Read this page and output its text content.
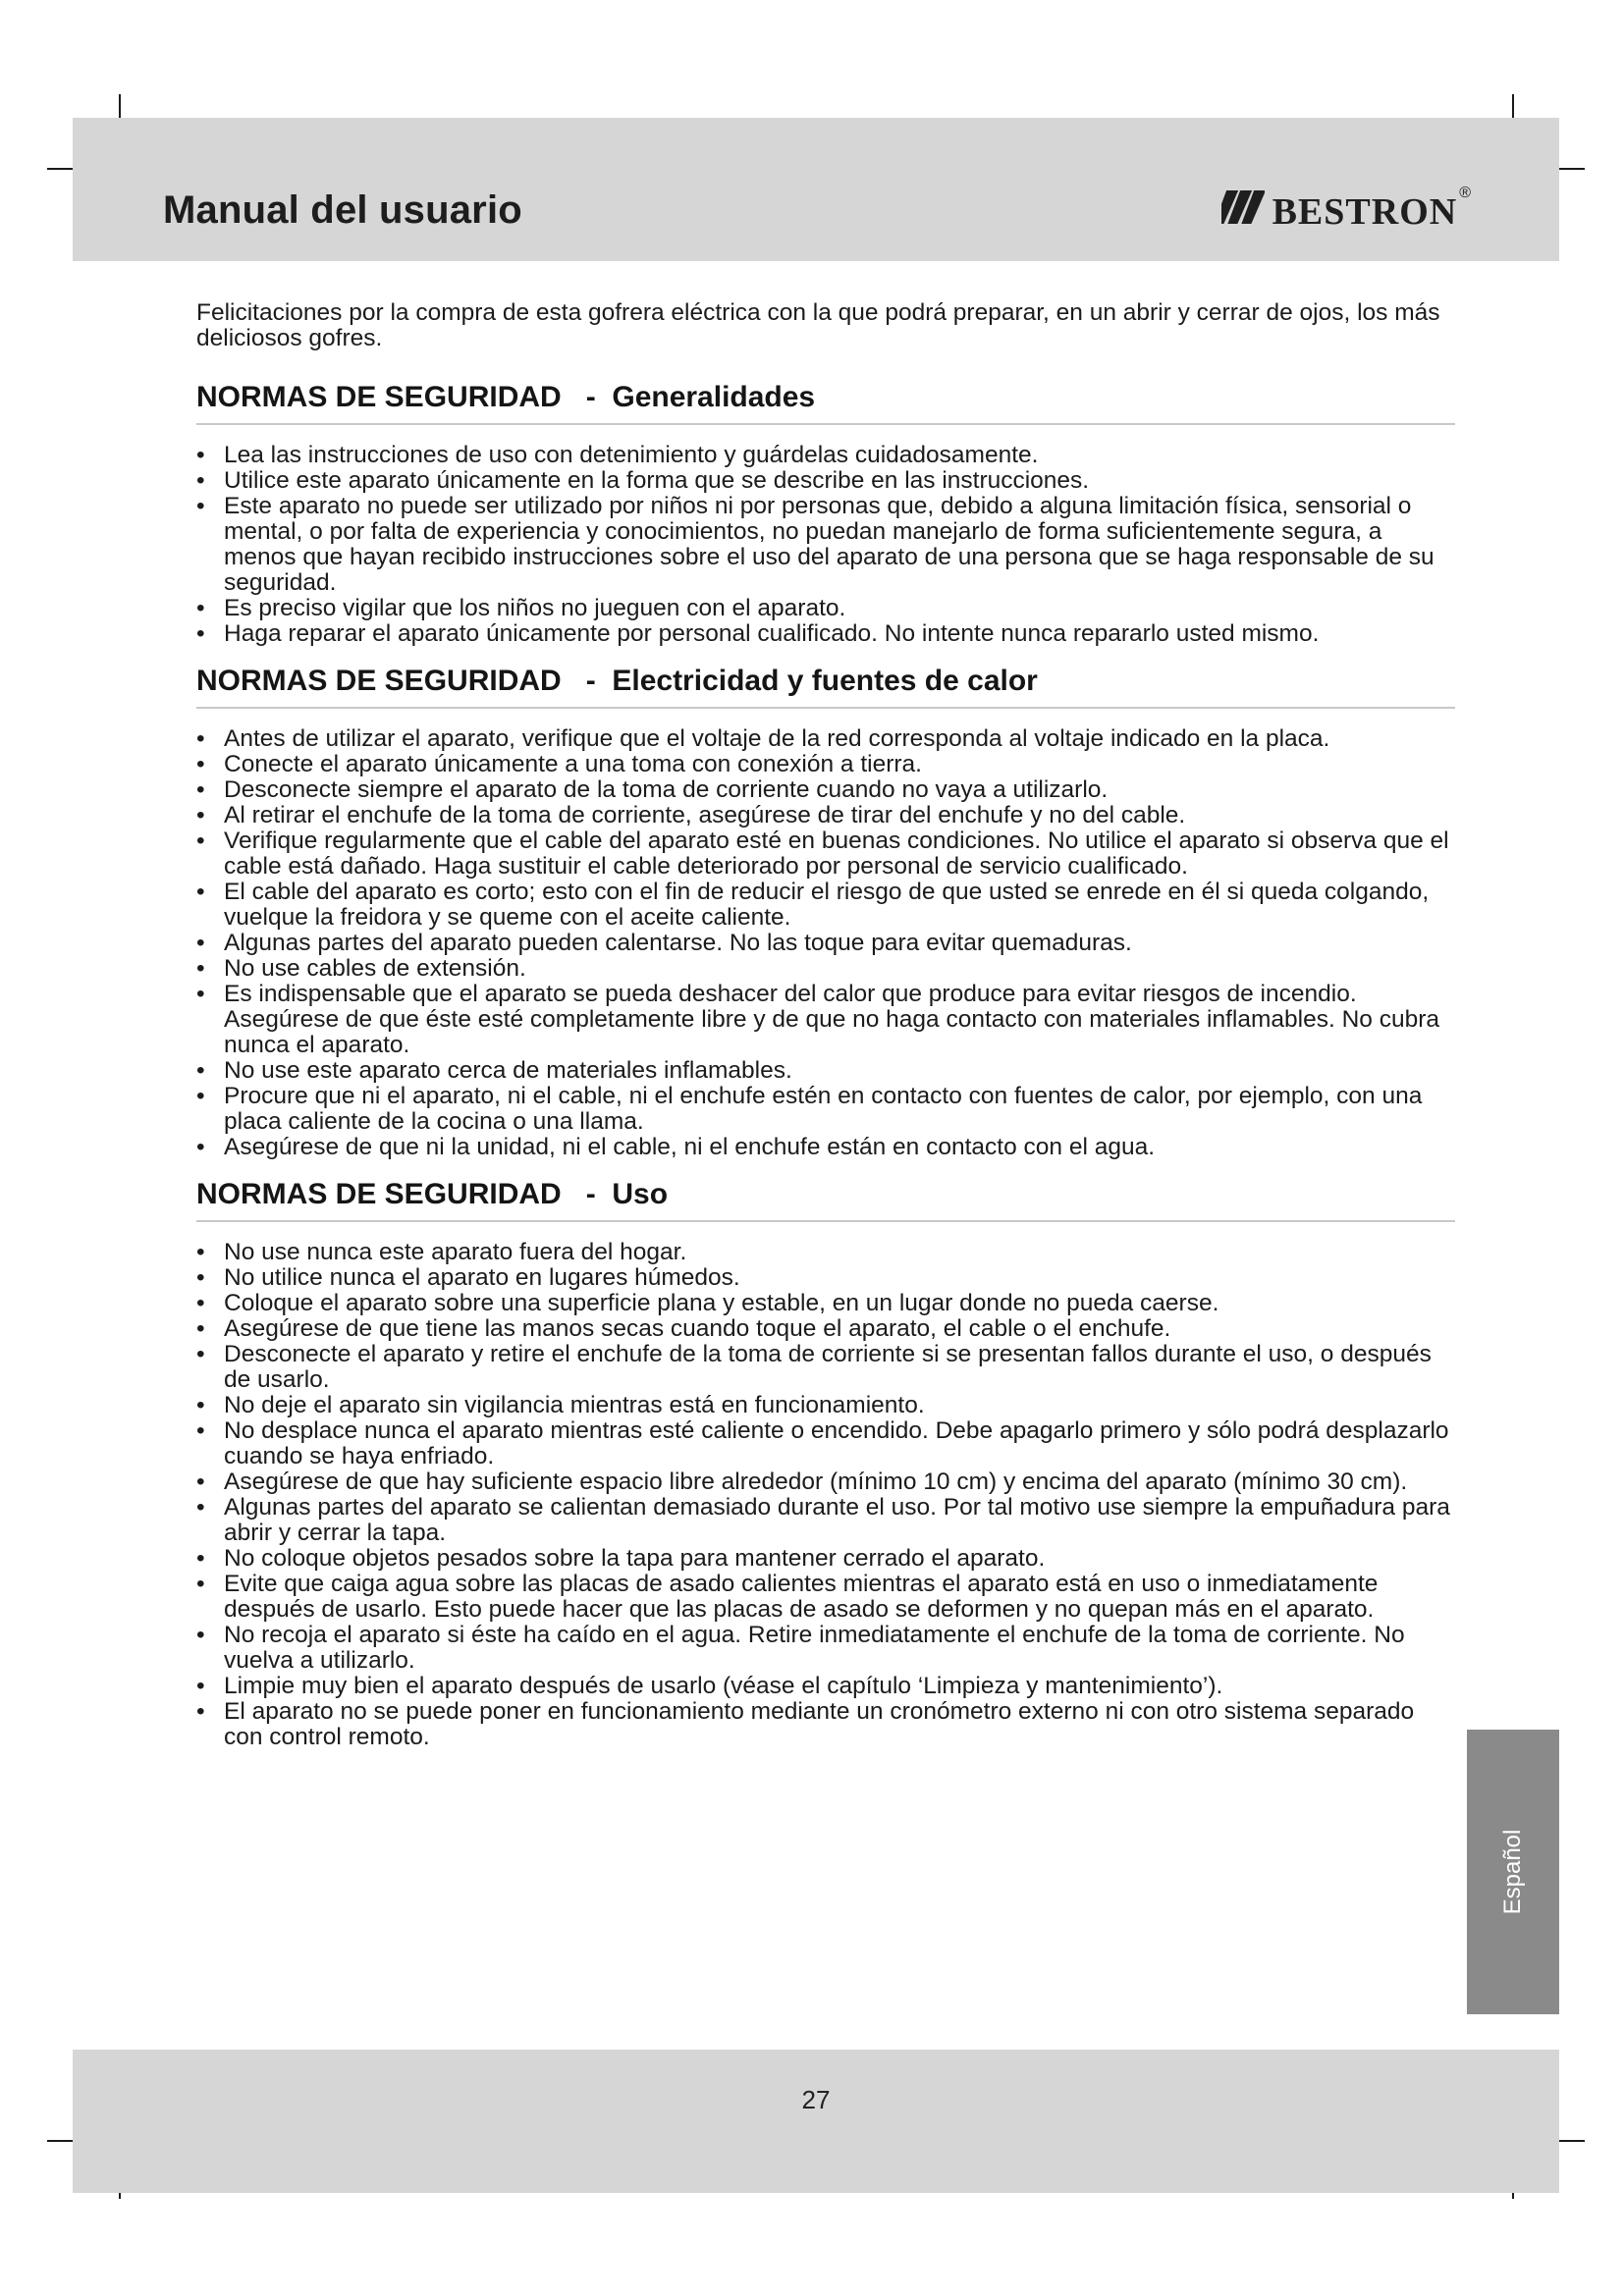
Manual del usuario	bestron ®

Felicitaciones por la compra de esta gofrera eléctrica con la que podrá preparar, en un abrir y cerrar de ojos, los más deliciosos gofres.

NORMAS DE SEGURIDAD   -  Generalidades
• Lea las instrucciones de uso con detenimiento y guárdelas cuidadosamente.
• Utilice este aparato únicamente en la forma que se describe en las instrucciones.
• Este aparato no puede ser utilizado por niños ni por personas que, debido a alguna limitación física, sensorial o mental, o por falta de experiencia y conocimientos, no puedan manejarlo de forma suficientemente segura, a menos que hayan recibido instrucciones sobre el uso del aparato de una persona que se haga responsable de su seguridad.
• Es preciso vigilar que los niños no jueguen con el aparato.
• Haga reparar el aparato únicamente por personal cualificado. No intente nunca repararlo usted mismo.
NORMAS DE SEGURIDAD   -  Electricidad y fuentes de calor
• Antes de utilizar el aparato, verifique que el voltaje de la red corresponda al voltaje indicado en la placa.
• Conecte el aparato únicamente a una toma con conexión a tierra.
• Desconecte siempre el aparato de la toma de corriente cuando no vaya a utilizarlo.
• Al retirar el enchufe de la toma de corriente, asegúrese de tirar del enchufe y no del cable.
• Verifique regularmente que el cable del aparato esté en buenas condiciones. No utilice el aparato si observa que el cable está dañado. Haga sustituir el cable deteriorado por personal de servicio cualificado.
• El cable del aparato es corto; esto con el fin de reducir el riesgo de que usted se enrede en él si queda colgando, vuelque la freidora y se queme con el aceite caliente.
• Algunas partes del aparato pueden calentarse. No las toque para evitar quemaduras.
• No use cables de extensión.
• Es indispensable que el aparato se pueda deshacer del calor que produce para evitar riesgos de incendio. Asegúrese de que éste esté completamente libre y de que no haga contacto con materiales inflamables. No cubra nunca el aparato.
• No use este aparato cerca de materiales inflamables.
• Procure que ni el aparato, ni el cable, ni el enchufe estén en contacto con fuentes de calor, por ejemplo, con una placa caliente de la cocina o una llama.
• Asegúrese de que ni la unidad, ni el cable, ni el enchufe están en contacto con el agua.
NORMAS DE SEGURIDAD   -  Uso
• No use nunca este aparato fuera del hogar.
• No utilice nunca el aparato en lugares húmedos.
• Coloque el aparato sobre una superficie plana y estable, en un lugar donde no pueda caerse.
• Asegúrese de que tiene las manos secas cuando toque el aparato, el cable o el enchufe.
• Desconecte el aparato y retire el enchufe de la toma de corriente si se presentan fallos durante el uso, o después de usarlo.
• No deje el aparato sin vigilancia mientras está en funcionamiento.
• No desplace nunca el aparato mientras esté caliente o encendido. Debe apagarlo primero y sólo podrá desplazarlo cuando se haya enfriado.
• Asegúrese de que hay suficiente espacio libre alrededor (mínimo 10 cm) y encima del aparato (mínimo 30 cm).
• Algunas partes del aparato se calientan demasiado durante el uso. Por tal motivo use siempre la empuñadura para abrir y cerrar la tapa.
• No coloque objetos pesados sobre la tapa para mantener cerrado el aparato.
• Evite que caiga agua sobre las placas de asado calientes mientras el aparato está en uso o inmediatamente después de usarlo. Esto puede hacer que las placas de asado se deformen y no quepan más en el aparato.
• No recoja el aparato si éste ha caído en el agua. Retire inmediatamente el enchufe de la toma de corriente. No vuelva a utilizarlo.
• Limpie muy bien el aparato después de usarlo (véase el capítulo ‘Limpieza y mantenimiento’).
• El aparato no se puede poner en funcionamiento mediante un cronómetro externo ni con otro sistema separado con control remoto.
Español
27
